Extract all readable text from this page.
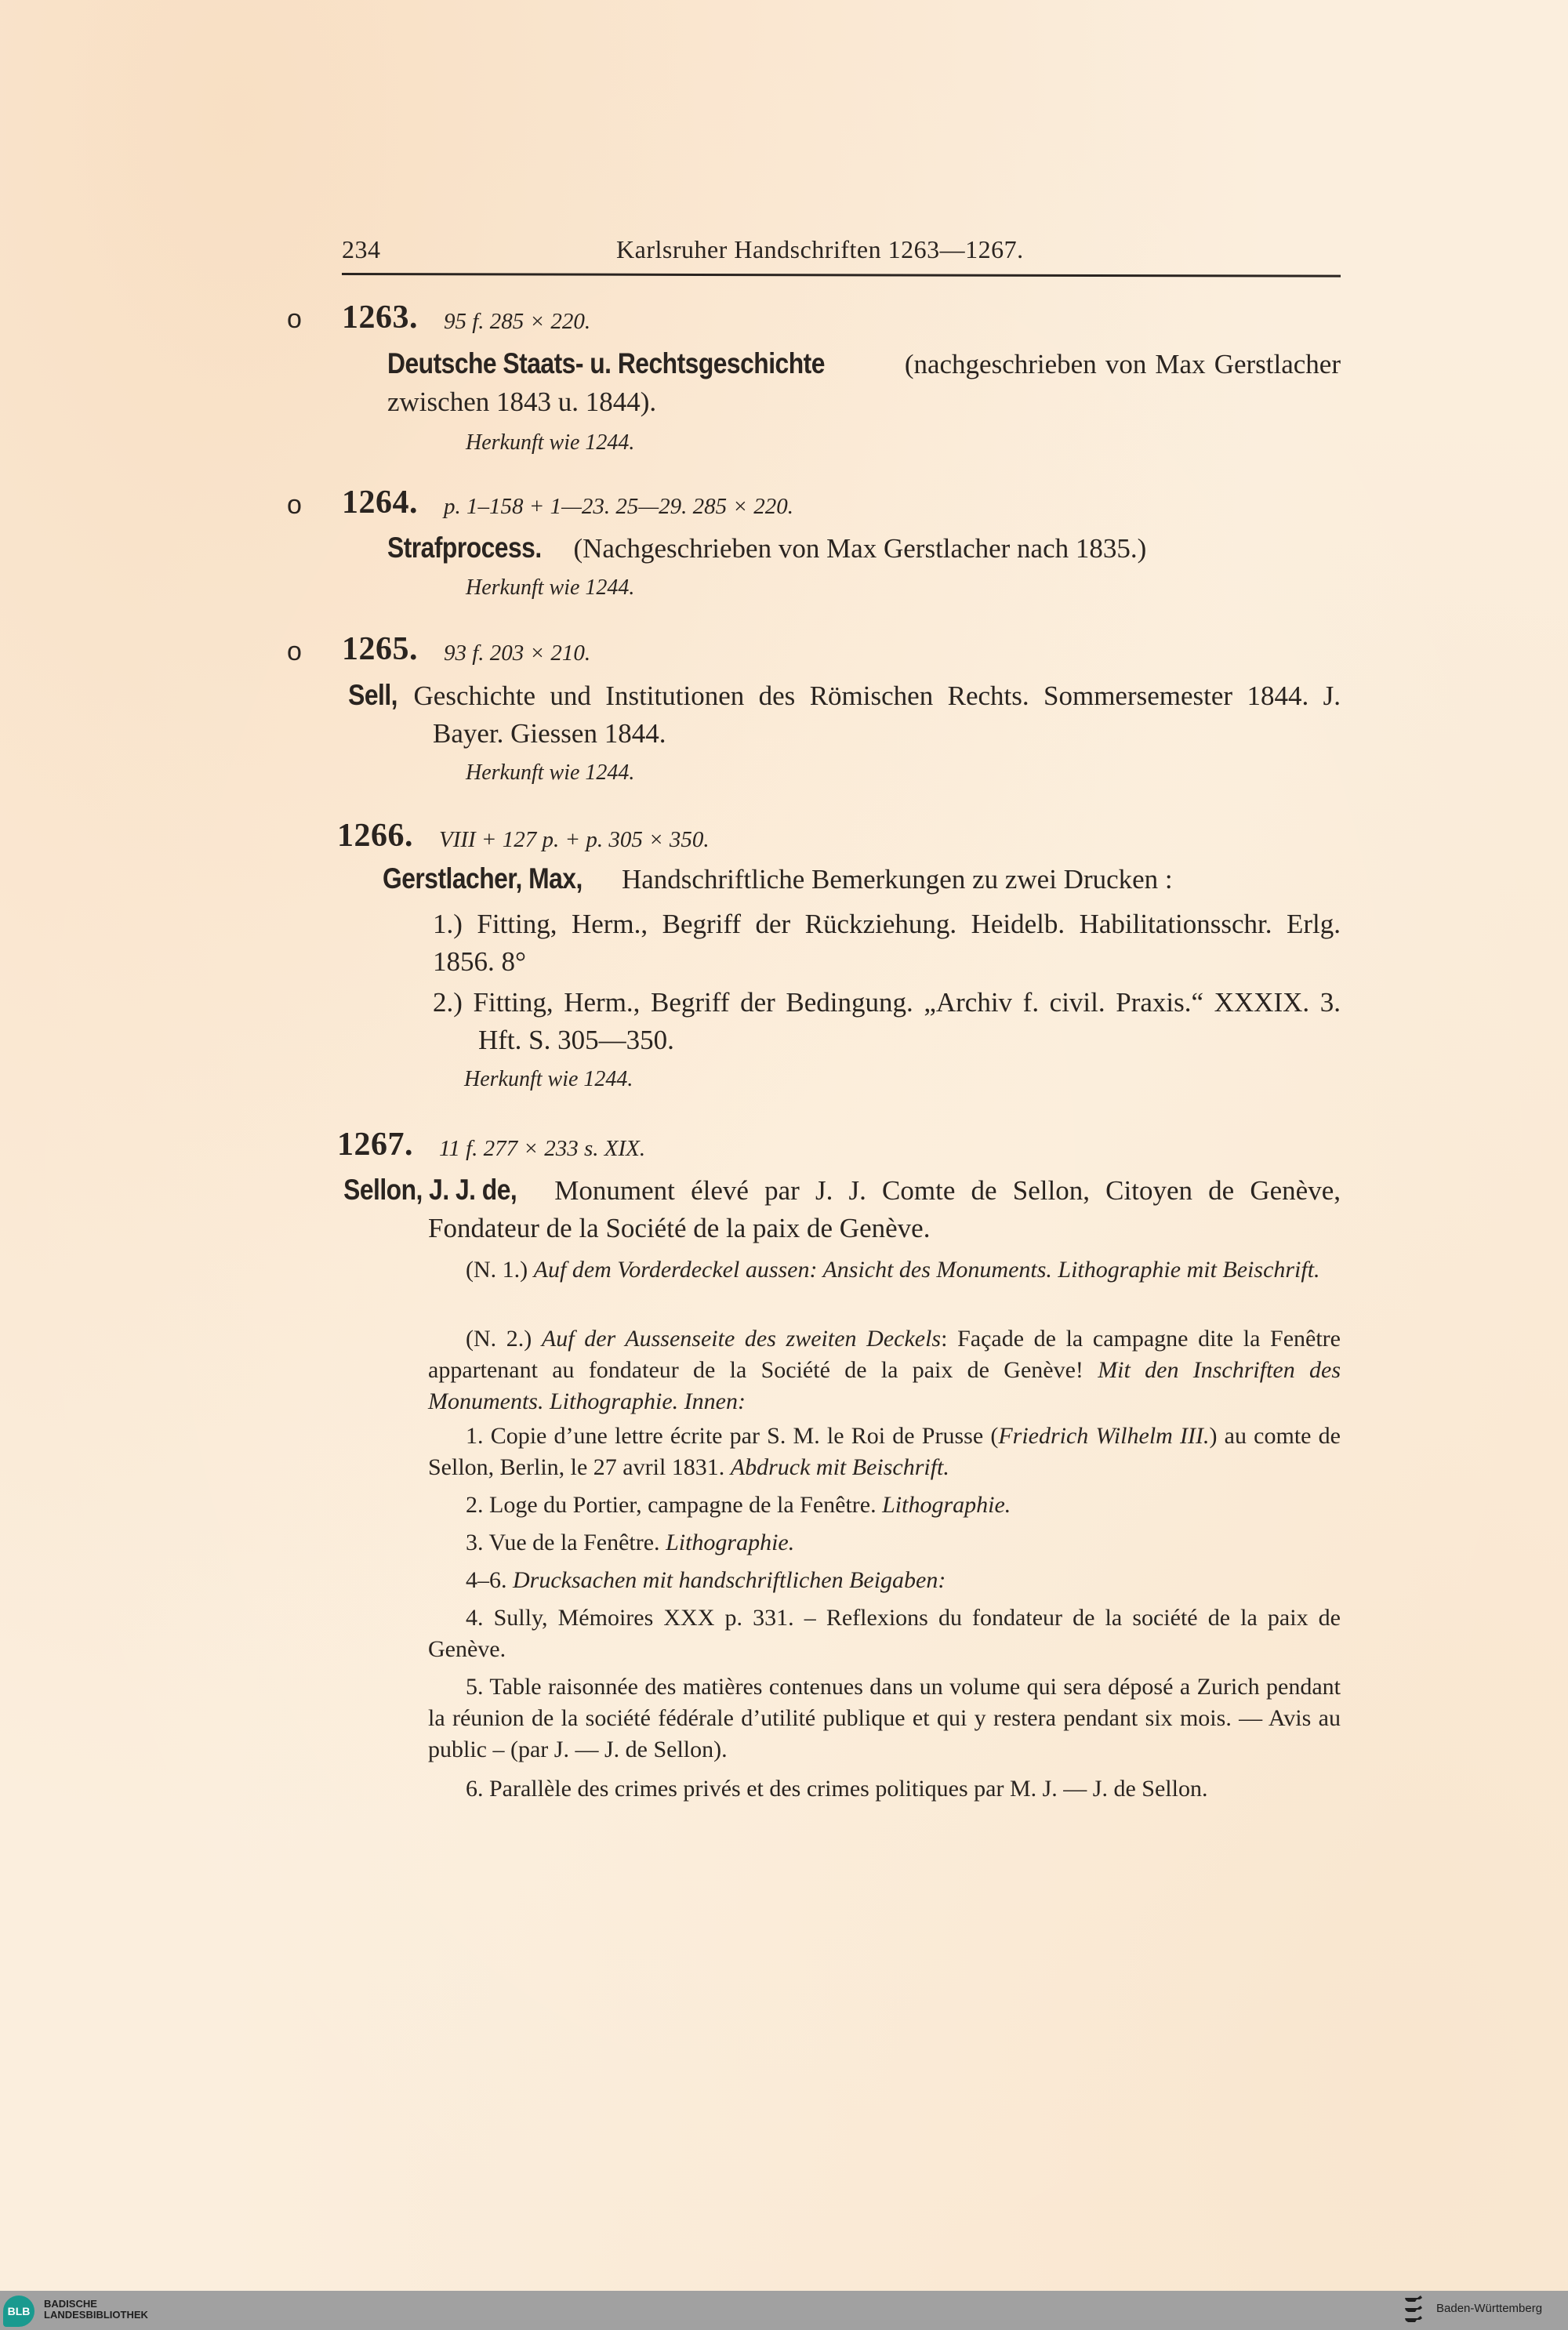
234	Karlsruher Handschriften 1263—1267.
o 1263. 95 f. 285 × 220.
Deutsche Staats- u. Rechtsgeschichte	(nachgeschrieben von Max Gerstlacher zwischen 1843 u. 1844).
Herkunft wie 1244.
o 1264. p. 1–158 + 1—23. 25—29. 285 × 220.
Strafprocess. (Nachgeschrieben von Max Gerstlacher nach 1835.)
Herkunft wie 1244.
o 1265. 93 f. 203 × 210.
Sell, Geschichte und Institutionen des Römischen Rechts. Sommersemester 1844. J. Bayer. Giessen 1844.
Herkunft wie 1244.
1266. VIII + 127 p. + p. 305 × 350.
Gerstlacher, Max, Handschriftliche Bemerkungen zu zwei Drucken :
1.) Fitting, Herm., Begriff der Rückziehung. Heidelb. Habilitationsschr. Erlg. 1856. 8°
2.) Fitting, Herm., Begriff der Bedingung. „Archiv f. civil. Praxis.“ XXXIX. 3. Hft. S. 305—350.
Herkunft wie 1244.
1267. 11 f. 277 × 233 s. XIX.
Sellon, J. J. de, Monument élevé par J. J. Comte de Sellon, Citoyen de Genève, Fondateur de la Société de la paix de Genève.
(N. 1.) Auf dem Vorderdeckel aussen: Ansicht des Monuments. Lithographie mit Beischrift.
(N. 2.) Auf der Aussenseite des zweiten Deckels: Façade de la campagne dite la Fenêtre appartenant au fondateur de la Société de la paix de Genève! Mit den Inschriften des Monuments. Lithographie. Innen:
1. Copie d’une lettre écrite par S. M. le Roi de Prusse (Friedrich Wilhelm III.) au comte de Sellon, Berlin, le 27 avril 1831. Abdruck mit Beischrift.
2. Loge du Portier, campagne de la Fenêtre. Lithographie.
3. Vue de la Fenêtre. Lithographie.
4–6. Drucksachen mit handschriftlichen Beigaben:
4. Sully, Mémoires XXX p. 331. – Reflexions du fondateur de la société de la paix de Genève.
5. Table raisonnée des matières contenues dans un volume qui sera déposé a Zurich pendant la réunion de la société fédérale d’utilité publique et qui y restera pendant six mois. — Avis au public – (par J. — J. de Sellon).
6. Parallèle des crimes privés et des crimes politiques par M. J. — J. de Sellon.
BLB
BADISCHE
LANDESBIBLIOTHEK	Baden-Württemberg
